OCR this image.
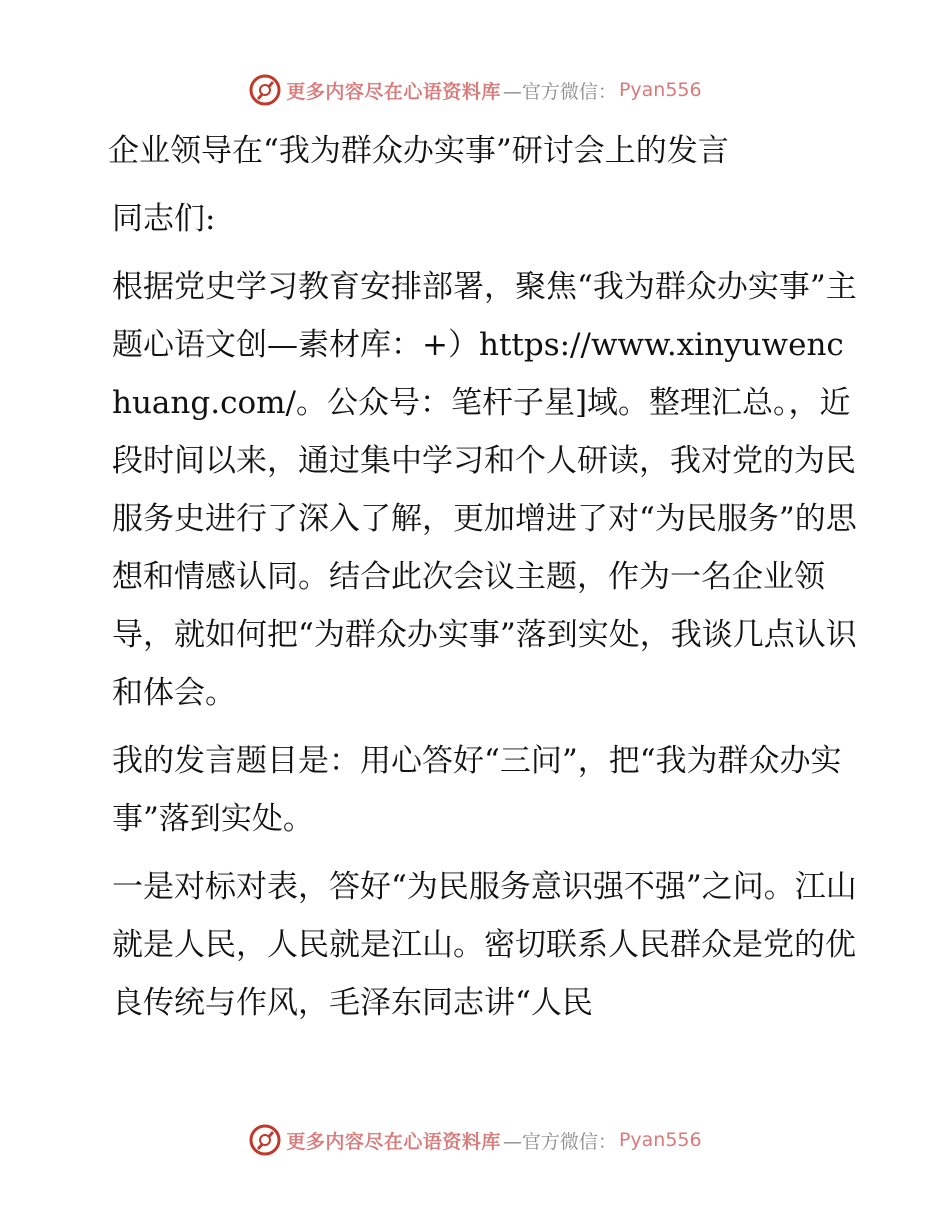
更多内容尽在心语资料库 —官方微信： Pyan556

企业领导在“我为群众办实事”研讨会上的发言

同志们:

根据党史学习教育安排部署，聚焦“我为群众办实事”主题心语文创—素材库：+）https://www.xinyuwenchuang.com/。公众号：笔杆子星]域。整理汇总。，近段时间以来，通过集中学习和个人研读，我对党的为民服务史进行了深入了解，更加增进了对“为民服务”的思想和情感认同。结合此次会议主题，作为一名企业领导，就如何把“为群众办实事”落到实处，我谈几点认识和体会。

我的发言题目是：用心答好“三问”，把“我为群众办实事”落到实处。

一是对标对表，答好“为民服务意识强不强”之问。江山就是人民，人民就是江山。密切联系人民群众是党的优良传统与作风，毛泽东同志讲“人民

更多内容尽在心语资料库 —官方微信： Pyan556
